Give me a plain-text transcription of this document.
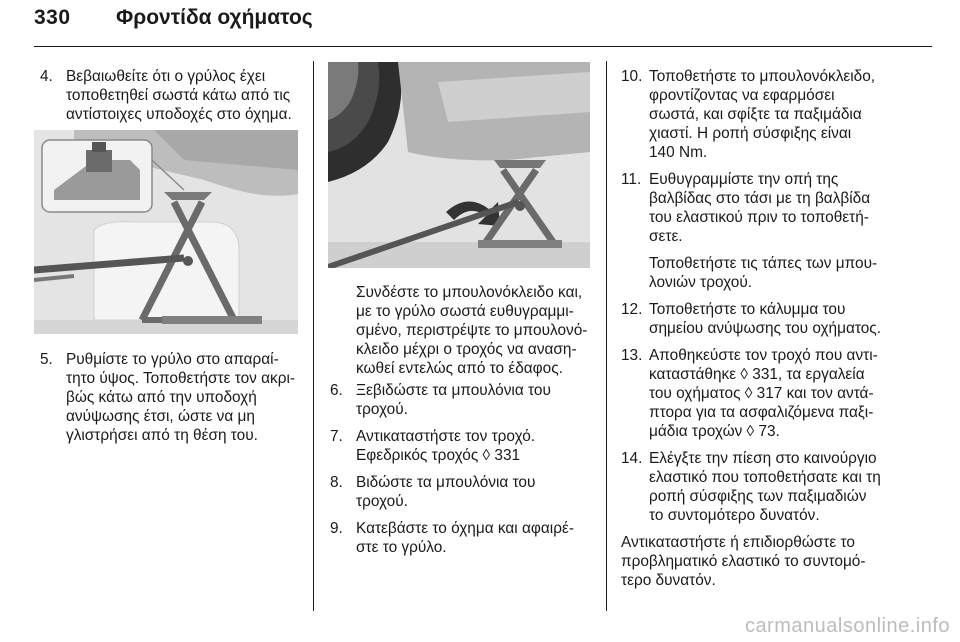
330 Φροντίδα οχήματος
4. Βεβαιωθείτε ότι ο γρύλος έχει
τοποθετηθεί σωστά κάτω από τις
αντίστοιχες υποδοχές στο όχημα.
5. Ρυθμίστε το γρύλο στο απαραί-
τητο ύψος. Τοποθετήστε τον ακρι-
βώς κάτω από την υποδοχή
ανύψωσης έτσι, ώστε να μη
γλιστρήσει από τη θέση του.
Συνδέστε το μπουλονόκλειδο και,
με το γρύλο σωστά ευθυγραμμι-
σμένο, περιστρέψτε το μπουλονό-
κλειδο μέχρι ο τροχός να αναση-
κωθεί εντελώς από το έδαφος.
6. Ξεβιδώστε τα μπουλόνια του
τροχού.
7. Αντικαταστήστε τον τροχό.
Εφεδρικός τροχός ◊ 331
8. Βιδώστε τα μπουλόνια του
τροχού.
9. Κατεβάστε το όχημα και αφαιρέ-
στε το γρύλο.
10. Τοποθετήστε το μπουλονόκλειδο,
φροντίζοντας να εφαρμόσει
σωστά, και σφίξτε τα παξιμάδια
χιαστί. Η ροπή σύσφιξης είναι
140 Nm.
11. Ευθυγραμμίστε την οπή της
βαλβίδας στο τάσι με τη βαλβίδα
του ελαστικού πριν το τοποθετή-
σετε.
Τοποθετήστε τις τάπες των μπου-
λονιών τροχού.
12. Τοποθετήστε το κάλυμμα του
σημείου ανύψωσης του οχήματος.
13. Αποθηκεύστε τον τροχό που αντι-
καταστάθηκε ◊ 331, τα εργαλεία
του οχήματος ◊ 317 και τον αντά-
πτορα για τα ασφαλιζόμενα παξι-
μάδια τροχών ◊ 73.
14. Ελέγξτε την πίεση στο καινούργιο
ελαστικό που τοποθετήσατε και τη
ροπή σύσφιξης των παξιμαδιών
το συντομότερο δυνατόν.
Αντικαταστήστε ή επιδιορθώστε το
προβληματικό ελαστικό το συντομό-
τερο δυνατόν.
carmanualsonline.info
